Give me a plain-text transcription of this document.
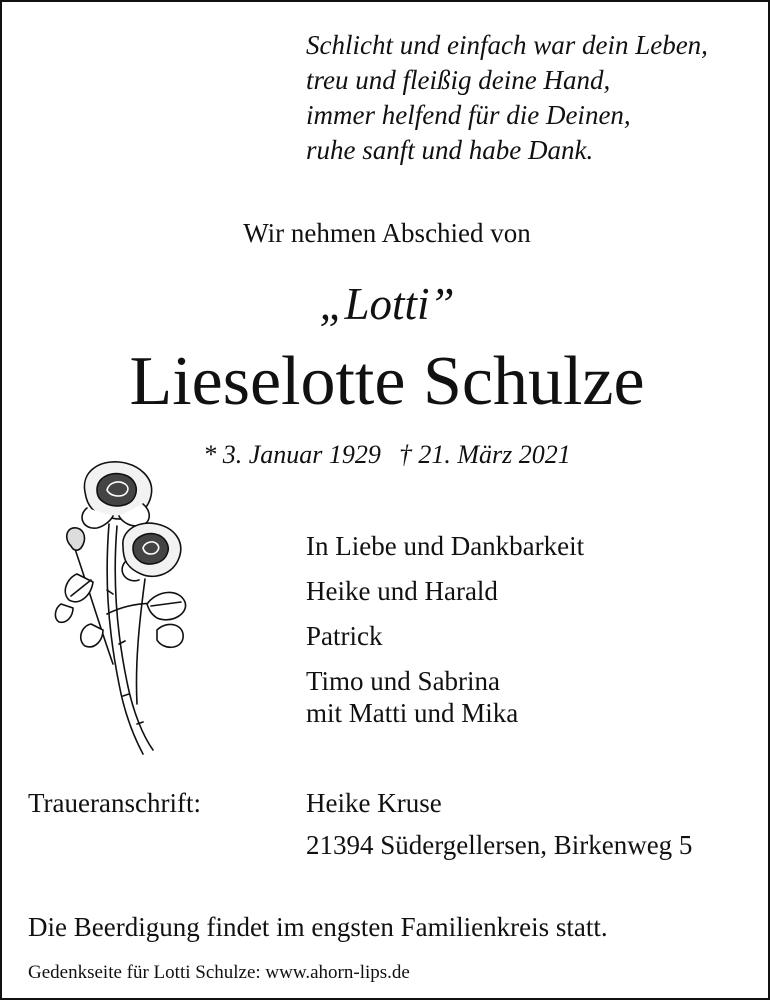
Schlicht und einfach war dein Leben,
treu und fleißig deine Hand,
immer helfend für die Deinen,
ruhe sanft und habe Dank.
Wir nehmen Abschied von
„Lotti”
Lieselotte Schulze
* 3. Januar 1929 † 21. März 2021
In Liebe und Dankbarkeit
Heike und Harald
Patrick
Timo und Sabrina
mit Matti und Mika
Traueranschrift:	Heike Kruse
21394 Südergellersen, Birkenweg 5
Die Beerdigung findet im engsten Familienkreis statt.
Gedenkseite für Lotti Schulze: www.ahorn-lips.de
